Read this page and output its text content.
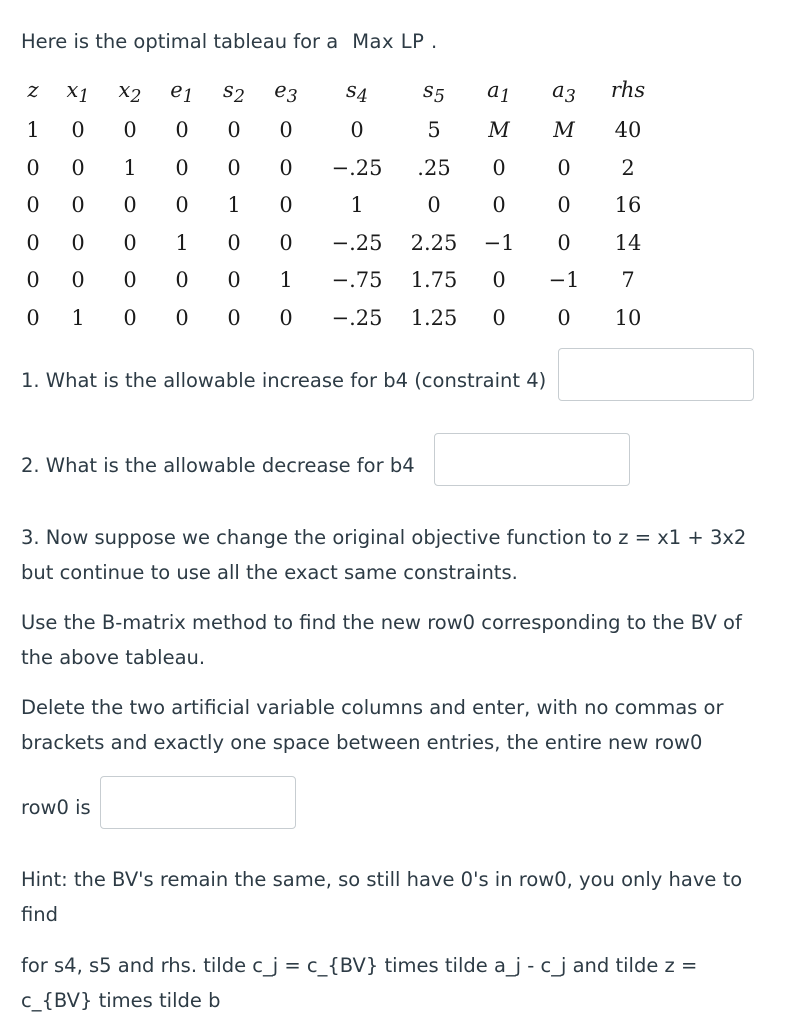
Here is the optimal tableau for a Max LP .

z	$x_1$	$x_2$	$e_1$	$s_2$	$e_3$	$s_4$	$s_5$	$a_1$	$a_3$	rhs
1	0	0	0	0	0	0	5	M	M	40
0	0	1	0	0	0	−.25	.25	0	0	2
0	0	0	0	1	0	1	0	0	0	16
0	0	0	1	0	0	−.25	2.25	−1	0	14
0	0	0	0	0	1	−.75	1.75	0	−1	7
0	1	0	0	0	0	−.25	1.25	0	0	10

1. What is the allowable increase for b4 (constraint 4)

2. What is the allowable decrease for b4

3. Now suppose we change the original objective function to z = x1 + 3x2 but continue to use all the exact same constraints.

Use the B-matrix method to find the new row0 corresponding to the BV of the above tableau.

Delete the two artificial variable columns and enter, with no commas or brackets and exactly one space between entries, the entire new row0

row0 is

Hint: the BV's remain the same, so still have 0's in row0, you only have to find

for s4, s5 and rhs. tilde c_j = c_{BV} times tilde a_j - c_j and tilde z = c_{BV} times tilde b
